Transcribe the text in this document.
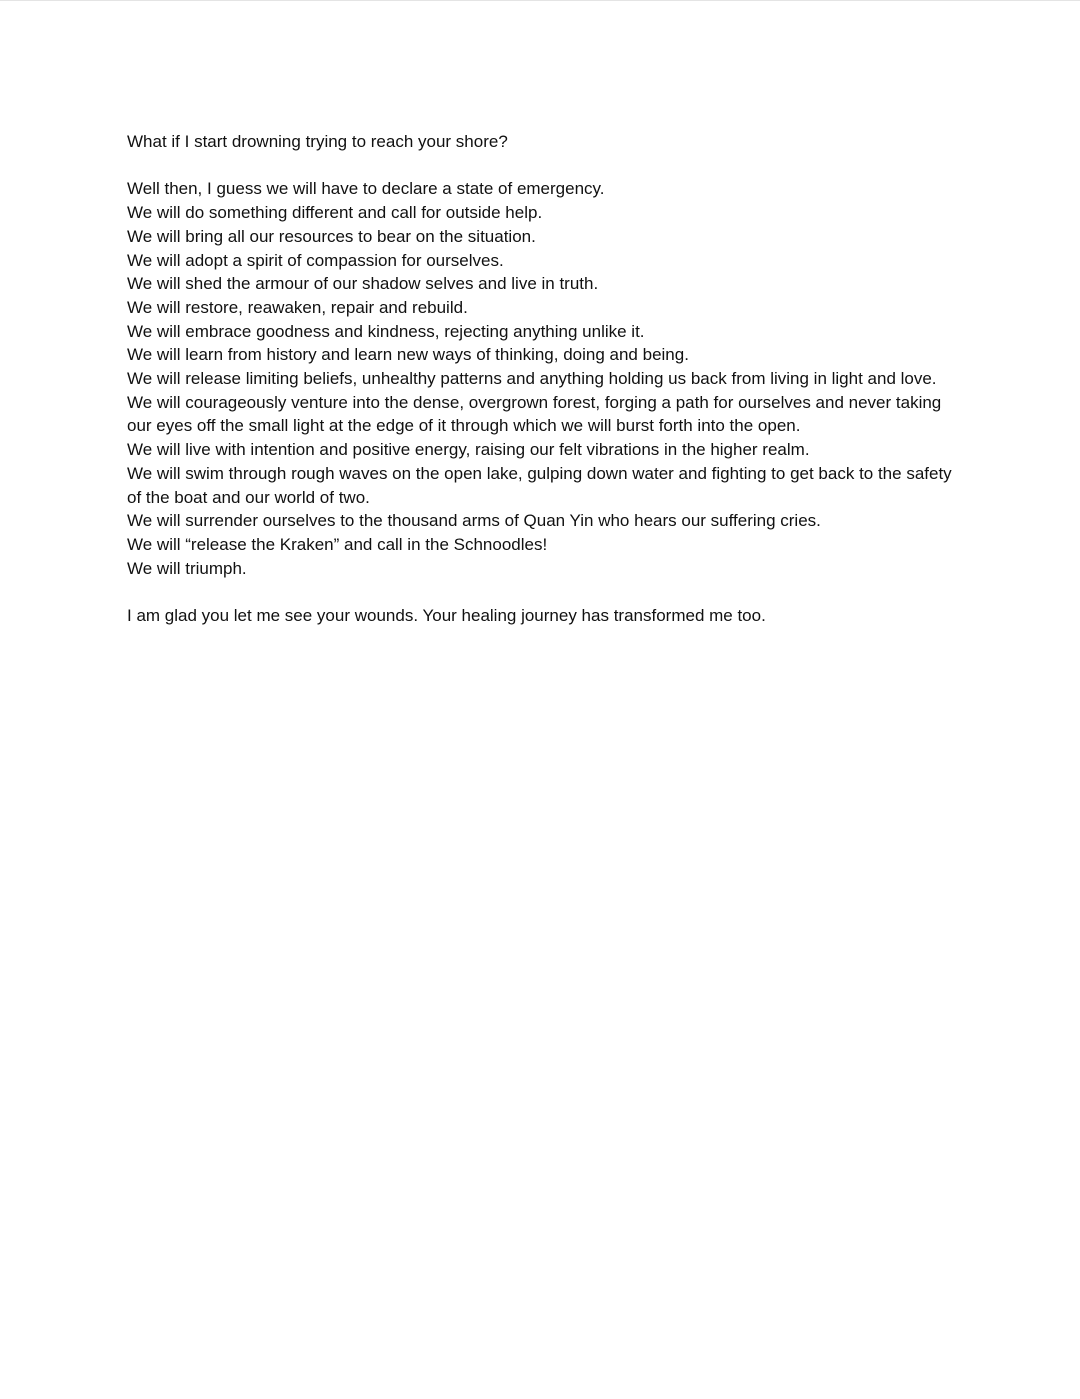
What if I start drowning trying to reach your shore?

Well then, I guess we will have to declare a state of emergency.
We will do something different and call for outside help.
We will bring all our resources to bear on the situation.
We will adopt a spirit of compassion for ourselves.
We will shed the armour of our shadow selves and live in truth.
We will restore, reawaken, repair and rebuild.
We will embrace goodness and kindness, rejecting anything unlike it.
We will learn from history and learn new ways of thinking, doing and being.
We will release limiting beliefs, unhealthy patterns and anything holding us back from living in light and love.
We will courageously venture into the dense, overgrown forest, forging a path for ourselves and never taking our eyes off the small light at the edge of it through which we will burst forth into the open.
We will live with intention and positive energy, raising our felt vibrations in the higher realm.
We will swim through rough waves on the open lake, gulping down water and fighting to get back to the safety of the boat and our world of two.
We will surrender ourselves to the thousand arms of Quan Yin who hears our suffering cries.
We will “release the Kraken” and call in the Schnoodles!
We will triumph.

I am glad you let me see your wounds. Your healing journey has transformed me too.
